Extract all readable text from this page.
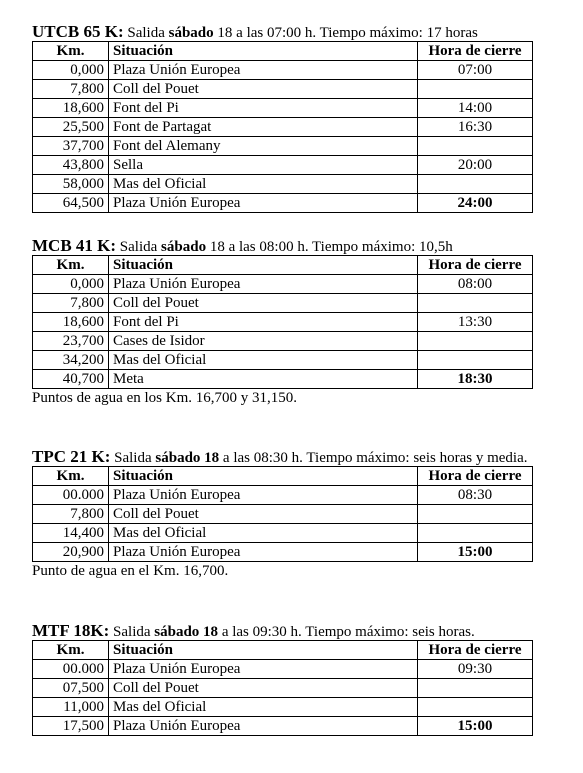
UTCB 65 K: Salida sábado 18 a las 07:00 h. Tiempo máximo: 17 horas
Km.	Situación	Hora de cierre
0,000	Plaza Unión Europea	07:00
7,800	Coll del Pouet	
18,600	Font del Pi	14:00
25,500	Font de Partagat	16:30
37,700	Font del Alemany	
43,800	Sella	20:00
58,000	Mas del Oficial	
64,500	Plaza Unión Europea	24:00
MCB 41 K: Salida sábado 18 a las 08:00 h. Tiempo máximo: 10,5h
Km.	Situación	Hora de cierre
0,000	Plaza Unión Europea	08:00
7,800	Coll del Pouet	
18,600	Font del Pi	13:30
23,700	Cases de Isidor	
34,200	Mas del Oficial	
40,700	Meta	18:30
Puntos de agua en los Km. 16,700 y 31,150.
TPC 21 K: Salida sábado 18 a las 08:30 h. Tiempo máximo: seis horas y media.
Km.	Situación	Hora de cierre
00.000	Plaza Unión Europea	08:30
7,800	Coll del Pouet	
14,400	Mas del Oficial	
20,900	Plaza Unión Europea	15:00
Punto de agua en el Km. 16,700.
MTF 18K: Salida sábado 18 a las 09:30 h. Tiempo máximo: seis horas.
Km.	Situación	Hora de cierre
00.000	Plaza Unión Europea	09:30
07,500	Coll del Pouet	
11,000	Mas del Oficial	
17,500	Plaza Unión Europea	15:00
